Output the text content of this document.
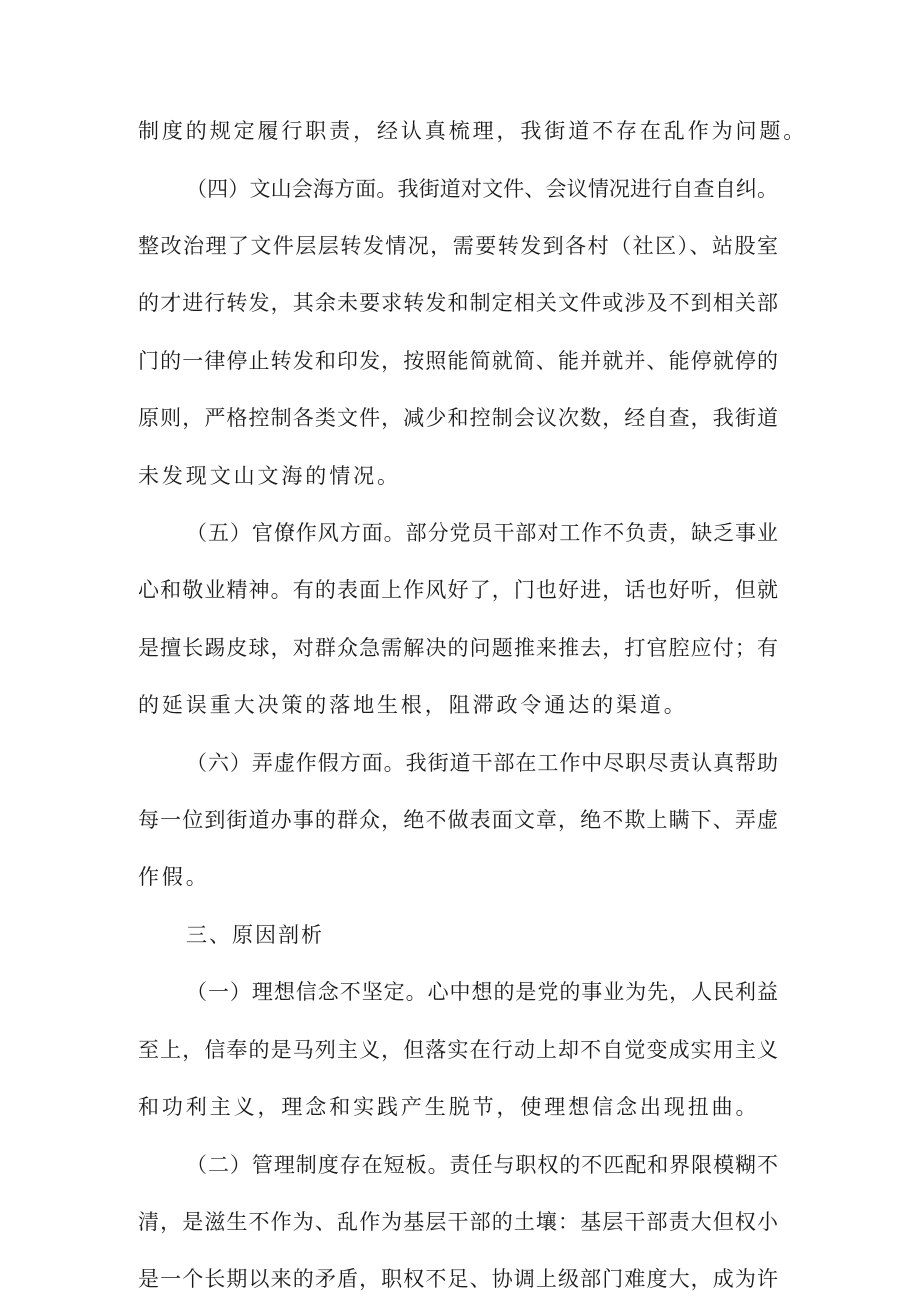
制度的规定履行职责，经认真梳理，我街道不存在乱作为问题。

（四）文山会海方面。我街道对文件、会议情况进行自查自纠。

整改治理了文件层层转发情况，需要转发到各村（社区）、站股室

的才进行转发，其余未要求转发和制定相关文件或涉及不到相关部

门的一律停止转发和印发，按照能简就简、能并就并、能停就停的

原则，严格控制各类文件，减少和控制会议次数，经自查，我街道

未发现文山文海的情况。

（五）官僚作风方面。部分党员干部对工作不负责，缺乏事业

心和敬业精神。有的表面上作风好了，门也好进，话也好听，但就

是擅长踢皮球，对群众急需解决的问题推来推去，打官腔应付；有

的延误重大决策的落地生根，阻滞政令通达的渠道。

（六）弄虚作假方面。我街道干部在工作中尽职尽责认真帮助

每一位到街道办事的群众，绝不做表面文章，绝不欺上瞒下、弄虚

作假。

三、原因剖析

（一）理想信念不坚定。心中想的是党的事业为先，人民利益

至上，信奉的是马列主义，但落实在行动上却不自觉变成实用主义

和功利主义，理念和实践产生脱节，使理想信念出现扭曲。

（二）管理制度存在短板。责任与职权的不匹配和界限模糊不

清，是滋生不作为、乱作为基层干部的土壤：基层干部责大但权小

是一个长期以来的矛盾，职权不足、协调上级部门难度大，成为许
